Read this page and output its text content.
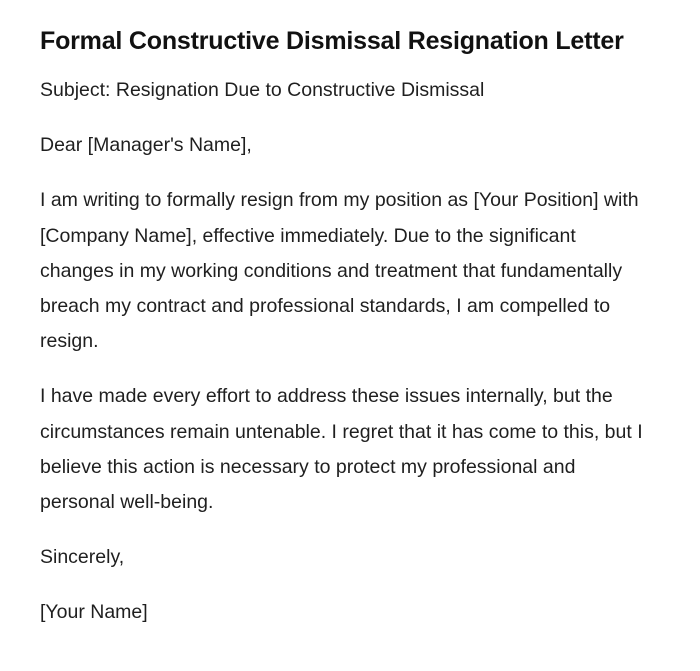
Formal Constructive Dismissal Resignation Letter

Subject: Resignation Due to Constructive Dismissal

Dear [Manager's Name],

I am writing to formally resign from my position as [Your Position] with [Company Name], effective immediately. Due to the significant changes in my working conditions and treatment that fundamentally breach my contract and professional standards, I am compelled to resign.

I have made every effort to address these issues internally, but the circumstances remain untenable. I regret that it has come to this, but I believe this action is necessary to protect my professional and personal well-being.

Sincerely,

[Your Name]
